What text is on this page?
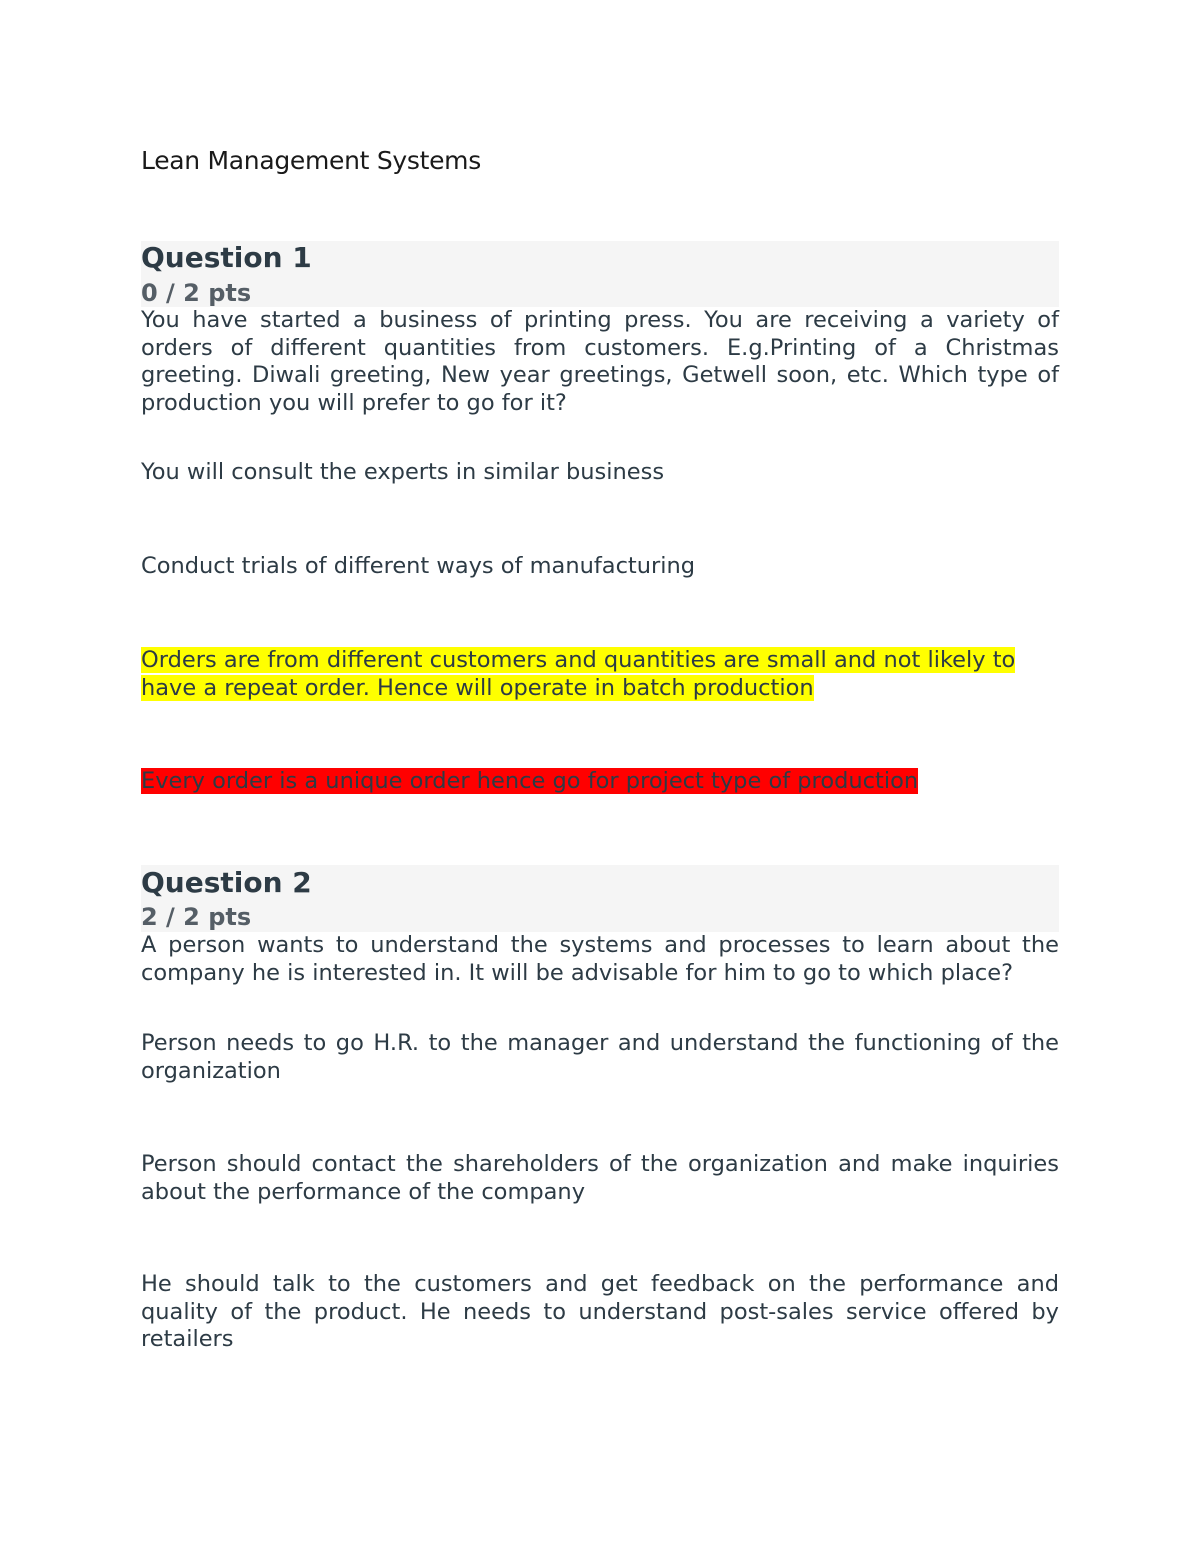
Lean Management Systems
Question 1
0 / 2 pts

You have started a business of printing press. You are receiving a variety of orders of different quantities from customers. E.g.Printing of a Christmas greeting. Diwali greeting, New year greetings, Getwell soon, etc. Which type of production you will prefer to go for it?

You will consult the experts in similar business

Conduct trials of different ways of manufacturing

Orders are from different customers and quantities are small and not likely to have a repeat order. Hence will operate in batch production

Every order is a unique order hence go for project type of production

Question 2
2 / 2 pts

A person wants to understand the systems and processes to learn about the company he is interested in. It will be advisable for him to go to which place?

Person needs to go H.R. to the manager and understand the functioning of the organization

Person should contact the shareholders of the organization and make inquiries about the performance of the company

He should talk to the customers and get feedback on the performance and quality of the product. He needs to understand post-sales service offered by retailers
